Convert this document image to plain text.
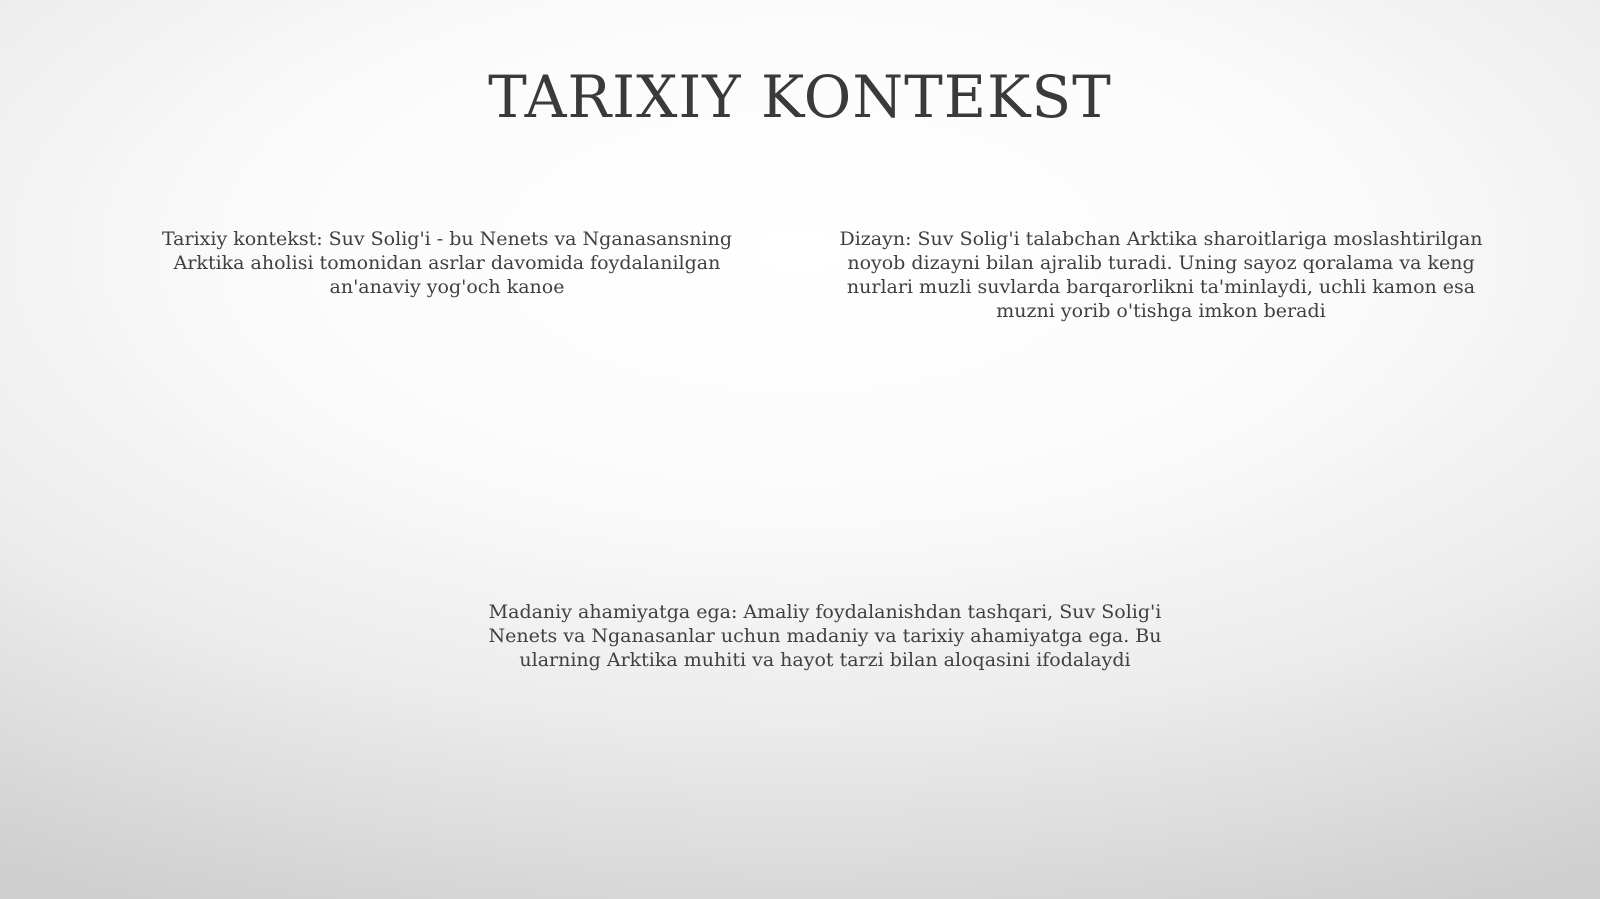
TARIXIY KONTEKST

Tarixiy kontekst: Suv Solig'i - bu Nenets va Nganasansning Arktika aholisi tomonidan asrlar davomida foydalanilgan an'anaviy yog'och kanoe

Dizayn: Suv Solig'i talabchan Arktika sharoitlariga moslashtirilgan noyob dizayni bilan ajralib turadi. Uning sayoz qoralama va keng nurlari muzli suvlarda barqarorlikni ta'minlaydi, uchli kamon esa muzni yorib o'tishga imkon beradi

Madaniy ahamiyatga ega: Amaliy foydalanishdan tashqari, Suv Solig'i Nenets va Nganasanlar uchun madaniy va tarixiy ahamiyatga ega. Bu ularning Arktika muhiti va hayot tarzi bilan aloqasini ifodalaydi
